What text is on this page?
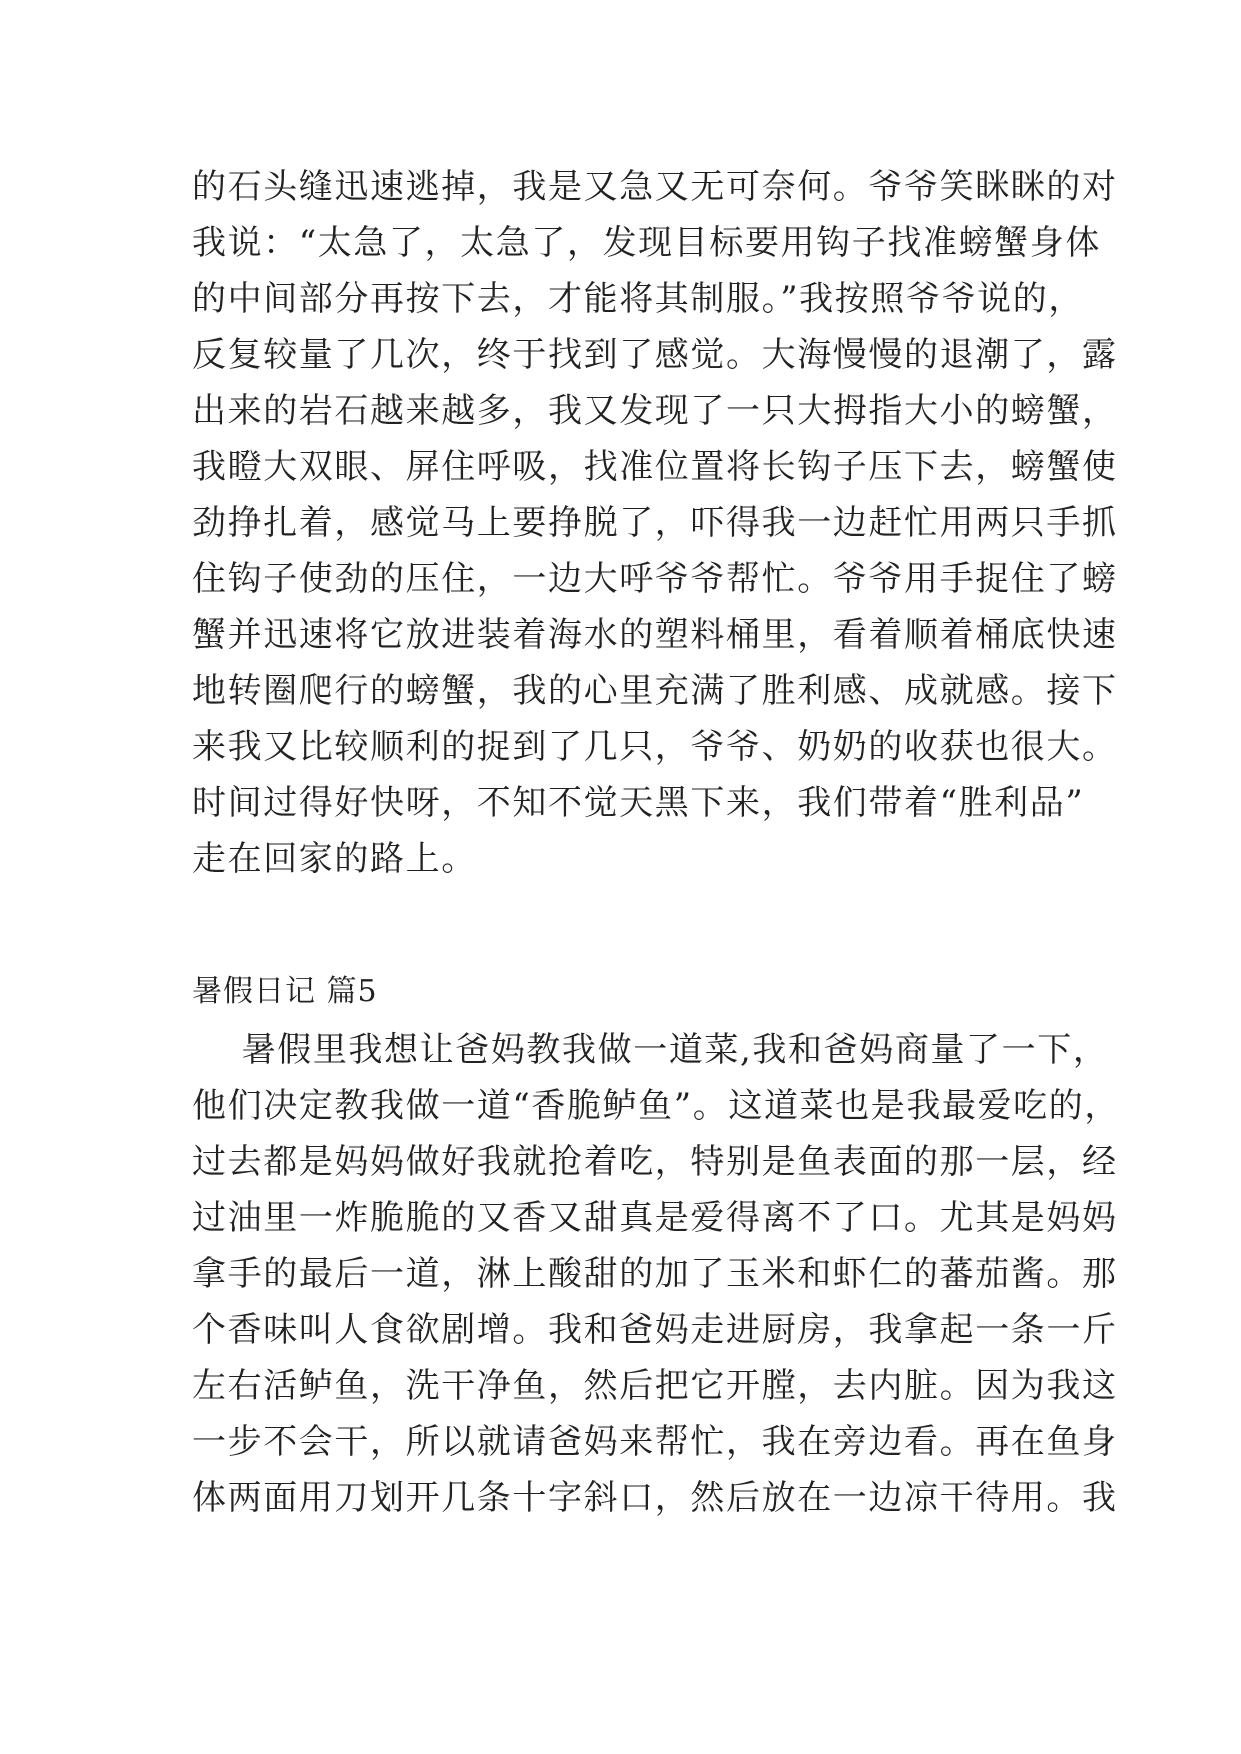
的石头缝迅速逃掉，我是又急又无可奈何。爷爷笑眯眯的对
我说：“太急了，太急了，发现目标要用钩子找准螃蟹身体
的中间部分再按下去，才能将其制服。”我按照爷爷说的，
反复较量了几次，终于找到了感觉。大海慢慢的退潮了，露
出来的岩石越来越多，我又发现了一只大拇指大小的螃蟹，
我瞪大双眼、屏住呼吸，找准位置将长钩子压下去，螃蟹使
劲挣扎着，感觉马上要挣脱了，吓得我一边赶忙用两只手抓
住钩子使劲的压住，一边大呼爷爷帮忙。爷爷用手捉住了螃
蟹并迅速将它放进装着海水的塑料桶里，看着顺着桶底快速
地转圈爬行的螃蟹，我的心里充满了胜利感、成就感。接下
来我又比较顺利的捉到了几只，爷爷、奶奶的收获也很大。
时间过得好快呀，不知不觉天黑下来，我们带着“胜利品”
走在回家的路上。
暑假日记 篇5
暑假里我想让爸妈教我做一道菜,我和爸妈商量了一下，
他们决定教我做一道“香脆鲈鱼”。这道菜也是我最爱吃的，
过去都是妈妈做好我就抢着吃，特别是鱼表面的那一层，经
过油里一炸脆脆的又香又甜真是爱得离不了口。尤其是妈妈
拿手的最后一道，淋上酸甜的加了玉米和虾仁的蕃茄酱。那
个香味叫人食欲剧增。我和爸妈走进厨房，我拿起一条一斤
左右活鲈鱼，洗干净鱼，然后把它开膛，去内脏。因为我这
一步不会干，所以就请爸妈来帮忙，我在旁边看。再在鱼身
体两面用刀划开几条十字斜口，然后放在一边凉干待用。我
